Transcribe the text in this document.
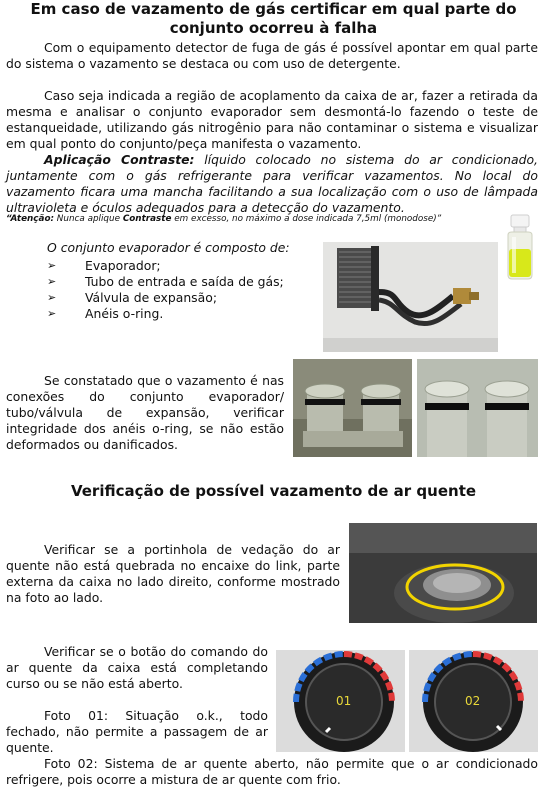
Em caso de vazamento de gás certificar em qual parte do conjunto ocorreu à falha

Com o equipamento detector de fuga de gás é possível apontar em qual parte do sistema o vazamento se destaca ou com uso de detergente.

Caso seja indicada a região de acoplamento da caixa de ar, fazer a retirada da mesma e analisar o conjunto evaporador sem desmontá-lo fazendo o teste de estanqueidade, utilizando gás nitrogênio para não contaminar o sistema e visualizar em qual ponto do conjunto/peça manifesta o vazamento.

Aplicação Contraste: líquido colocado no sistema do ar condicionado, juntamente com o gás refrigerante para verificar vazamentos. No local do vazamento ficara uma mancha facilitando a sua localização com o uso de lâmpada ultravioleta e óculos adequados para a detecção do vazamento.

“Atenção: Nunca aplique Contraste em excesso, no máximo a dose indicada 7,5ml (monodose)”

O conjunto evaporador é composto de:

➢ Evaporador;
➢ Tubo de entrada e saída de gás;
➢ Válvula de expansão;
➢ Anéis o-ring.

Se constatado que o vazamento é nas conexões do conjunto evaporador/ tubo/válvula de expansão, verificar integridade dos anéis o-ring, se não estão deformados ou danificados.

Verificação de possível vazamento de ar quente

Verificar se a portinhola de vedação do ar quente não está quebrada no encaixe do link, parte externa da caixa no lado direito, conforme mostrado na foto ao lado.

Verificar se o botão do comando do ar quente da caixa está completando curso ou se não está aberto.

Foto 01: Situação o.k., todo fechado, não permite a passagem de ar quente.

Foto 02: Sistema de ar quente aberto, não permite que o ar condicionado refrigere, pois ocorre a mistura de ar quente com frio.

01	02
